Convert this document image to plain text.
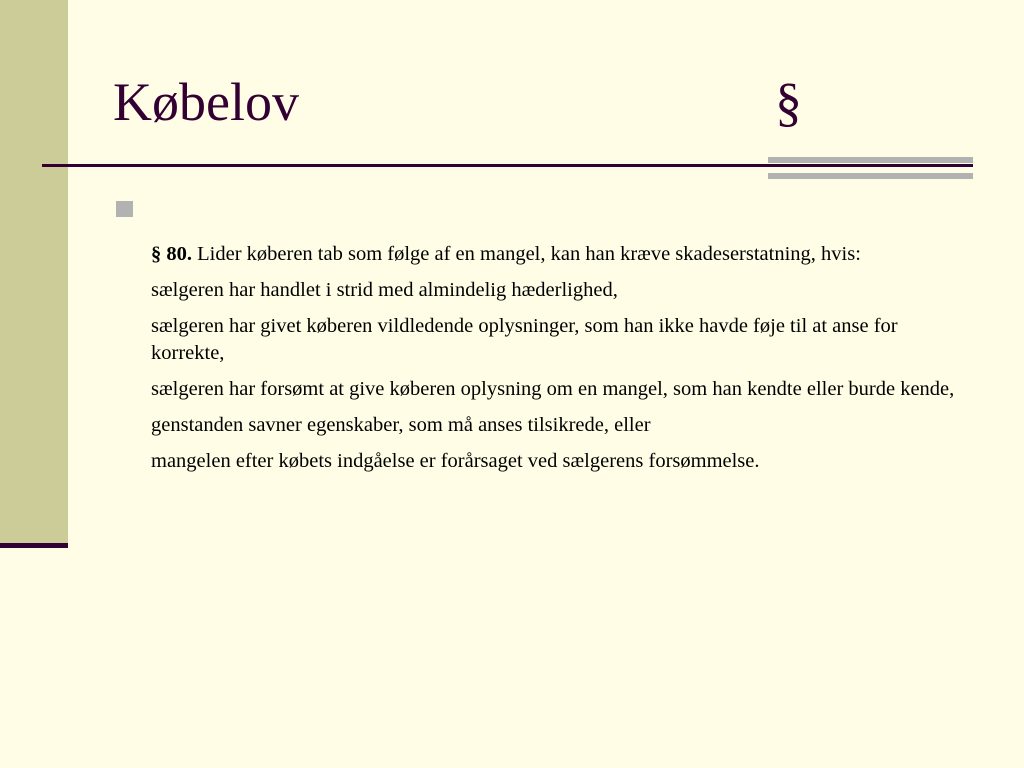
Købelov	§

§ 80. Lider køberen tab som følge af en mangel, kan han kræve skadeserstatning, hvis:

sælgeren har handlet i strid med almindelig hæderlighed,

sælgeren har givet køberen vildledende oplysninger, som han ikke havde føje til at anse for korrekte,

sælgeren har forsømt at give køberen oplysning om en mangel, som han kendte eller burde kende,

genstanden savner egenskaber, som må anses tilsikrede, eller

mangelen efter købets indgåelse er forårsaget ved sælgerens forsømmelse.
